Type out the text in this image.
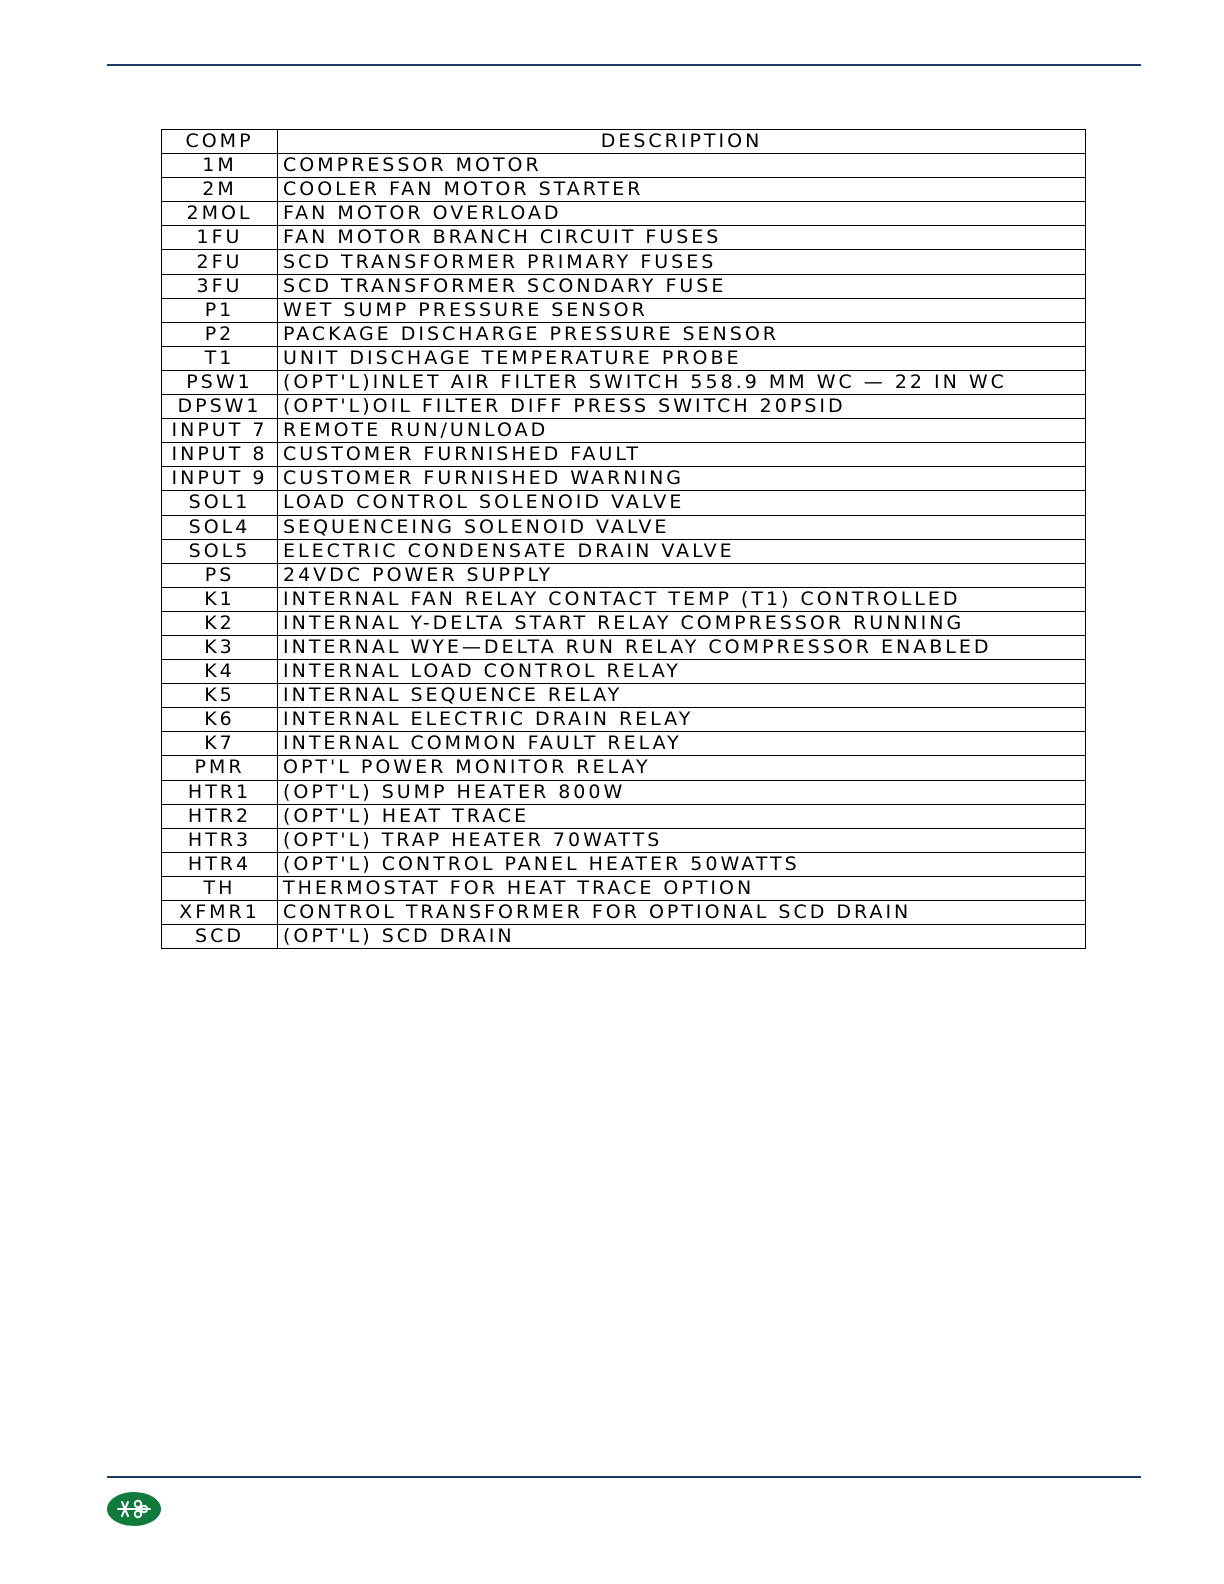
COMP	DESCRIPTION
1M	COMPRESSOR MOTOR
2M	COOLER FAN MOTOR STARTER
2MOL	FAN MOTOR OVERLOAD
1FU	FAN MOTOR BRANCH CIRCUIT FUSES
2FU	SCD TRANSFORMER PRIMARY FUSES
3FU	SCD TRANSFORMER SCONDARY FUSE
P1	WET SUMP PRESSURE SENSOR
P2	PACKAGE DISCHARGE PRESSURE SENSOR
T1	UNIT DISCHAGE TEMPERATURE PROBE
PSW1	(OPT'L)INLET AIR FILTER SWITCH 558.9 MM WC — 22 IN WC
DPSW1	(OPT'L)OIL FILTER DIFF PRESS SWITCH 20PSID
INPUT 7	REMOTE RUN/UNLOAD
INPUT 8	CUSTOMER FURNISHED FAULT
INPUT 9	CUSTOMER FURNISHED WARNING
SOL1	LOAD CONTROL SOLENOID VALVE
SOL4	SEQUENCEING SOLENOID VALVE
SOL5	ELECTRIC CONDENSATE DRAIN VALVE
PS	24VDC POWER SUPPLY
K1	INTERNAL FAN RELAY CONTACT TEMP (T1) CONTROLLED
K2	INTERNAL Y-DELTA START RELAY COMPRESSOR RUNNING
K3	INTERNAL WYE—DELTA RUN RELAY COMPRESSOR ENABLED
K4	INTERNAL LOAD CONTROL RELAY
K5	INTERNAL SEQUENCE RELAY
K6	INTERNAL ELECTRIC DRAIN RELAY
K7	INTERNAL COMMON FAULT RELAY
PMR	OPT'L POWER MONITOR RELAY
HTR1	(OPT'L) SUMP HEATER 800W
HTR2	(OPT'L) HEAT TRACE
HTR3	(OPT'L) TRAP HEATER 70WATTS
HTR4	(OPT'L) CONTROL PANEL HEATER 50WATTS
TH	THERMOSTAT FOR HEAT TRACE OPTION
XFMR1	CONTROL TRANSFORMER FOR OPTIONAL SCD DRAIN
SCD	(OPT'L) SCD DRAIN
